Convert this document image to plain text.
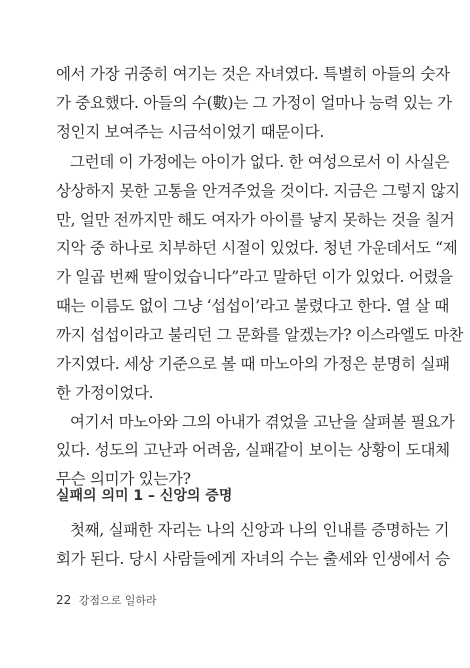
에서 가장 귀중히 여기는 것은 자녀였다. 특별히 아들의 숫자
가 중요했다. 아들의 수(數)는 그 가정이 얼마나 능력 있는 가
정인지 보여주는 시금석이었기 때문이다.
그런데 이 가정에는 아이가 없다. 한 여성으로서 이 사실은
상상하지 못한 고통을 안겨주었을 것이다. 지금은 그렇지 않지
만, 얼만 전까지만 해도 여자가 아이를 낳지 못하는 것을 칠거
지악 중 하나로 치부하던 시절이 있었다. 청년 가운데서도 “제
가 일곱 번째 딸이었습니다”라고 말하던 이가 있었다. 어렸을
때는 이름도 없이 그냥 ‘섭섭이’라고 불렸다고 한다. 열 살 때
까지 섭섭이라고 불리던 그 문화를 알겠는가? 이스라엘도 마찬
가지였다. 세상 기준으로 볼 때 마노아의 가정은 분명히 실패
한 가정이었다.
여기서 마노아와 그의 아내가 겪었을 고난을 살펴볼 필요가
있다. 성도의 고난과 어려움, 실패같이 보이는 상황이 도대체
무슨 의미가 있는가?
실패의 의미 1 – 신앙의 증명
첫째, 실패한 자리는 나의 신앙과 나의 인내를 증명하는 기
회가 된다. 당시 사람들에게 자녀의 수는 출세와 인생에서 승
22 강점으로 일하라
